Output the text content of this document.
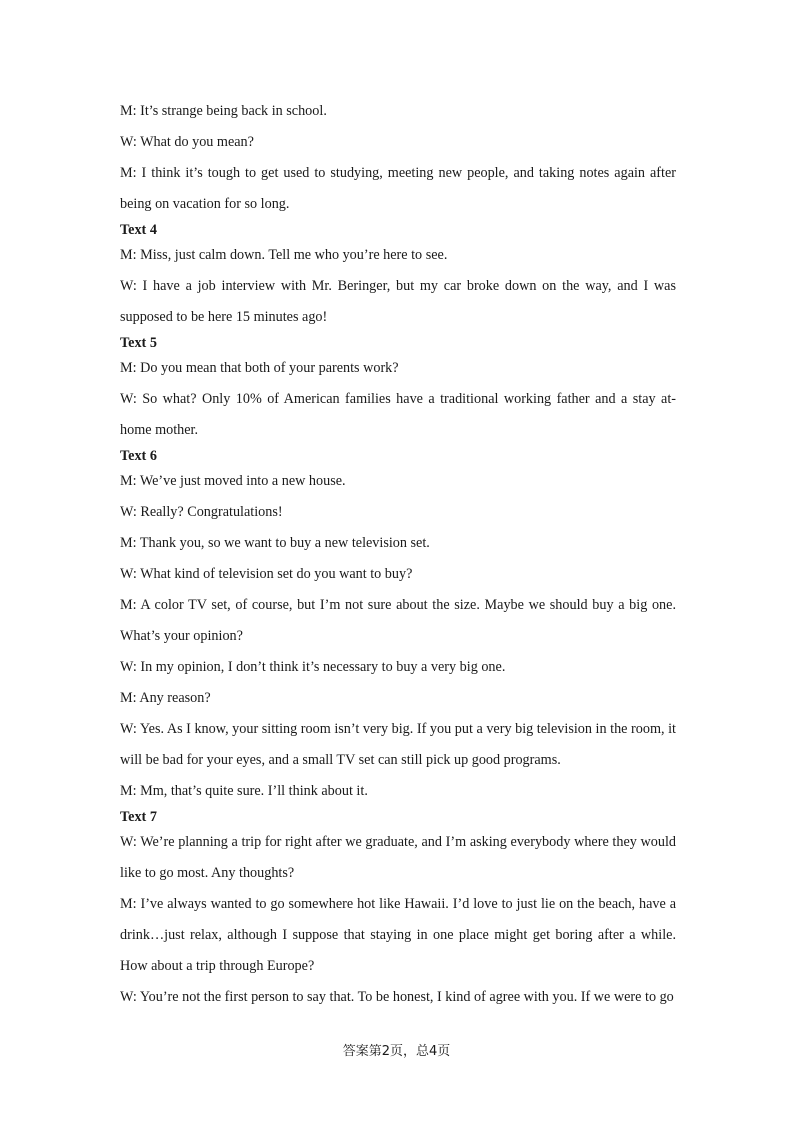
M: It’s strange being back in school.

W: What do you mean?

M: I think it’s tough to get used to studying, meeting new people, and taking notes again after being on vacation for so long.

Text 4

M: Miss, just calm down. Tell me who you’re here to see.

W: I have a job interview with Mr. Beringer, but my car broke down on the way, and I was supposed to be here 15 minutes ago!

Text 5

M: Do you mean that both of your parents work?

W: So what? Only 10% of American families have a traditional working father and a stay at-home mother.

Text 6

M: We’ve just moved into a new house.

W: Really? Congratulations!

M: Thank you, so we want to buy a new television set.

W: What kind of television set do you want to buy?

M: A color TV set, of course, but I’m not sure about the size. Maybe we should buy a big one. What’s your opinion?

W: In my opinion, I don’t think it’s necessary to buy a very big one.

M: Any reason?

W: Yes. As I know, your sitting room isn’t very big. If you put a very big television in the room, it will be bad for your eyes, and a small TV set can still pick up good programs.

M: Mm, that’s quite sure. I’ll think about it.

Text 7

W: We’re planning a trip for right after we graduate, and I’m asking everybody where they would like to go most. Any thoughts?

M: I’ve always wanted to go somewhere hot like Hawaii. I’d love to just lie on the beach, have a drink…just relax, although I suppose that staying in one place might get boring after a while. How about a trip through Europe?

W: You’re not the first person to say that. To be honest, I kind of agree with you. If we were to go

答案第2页，总4页
